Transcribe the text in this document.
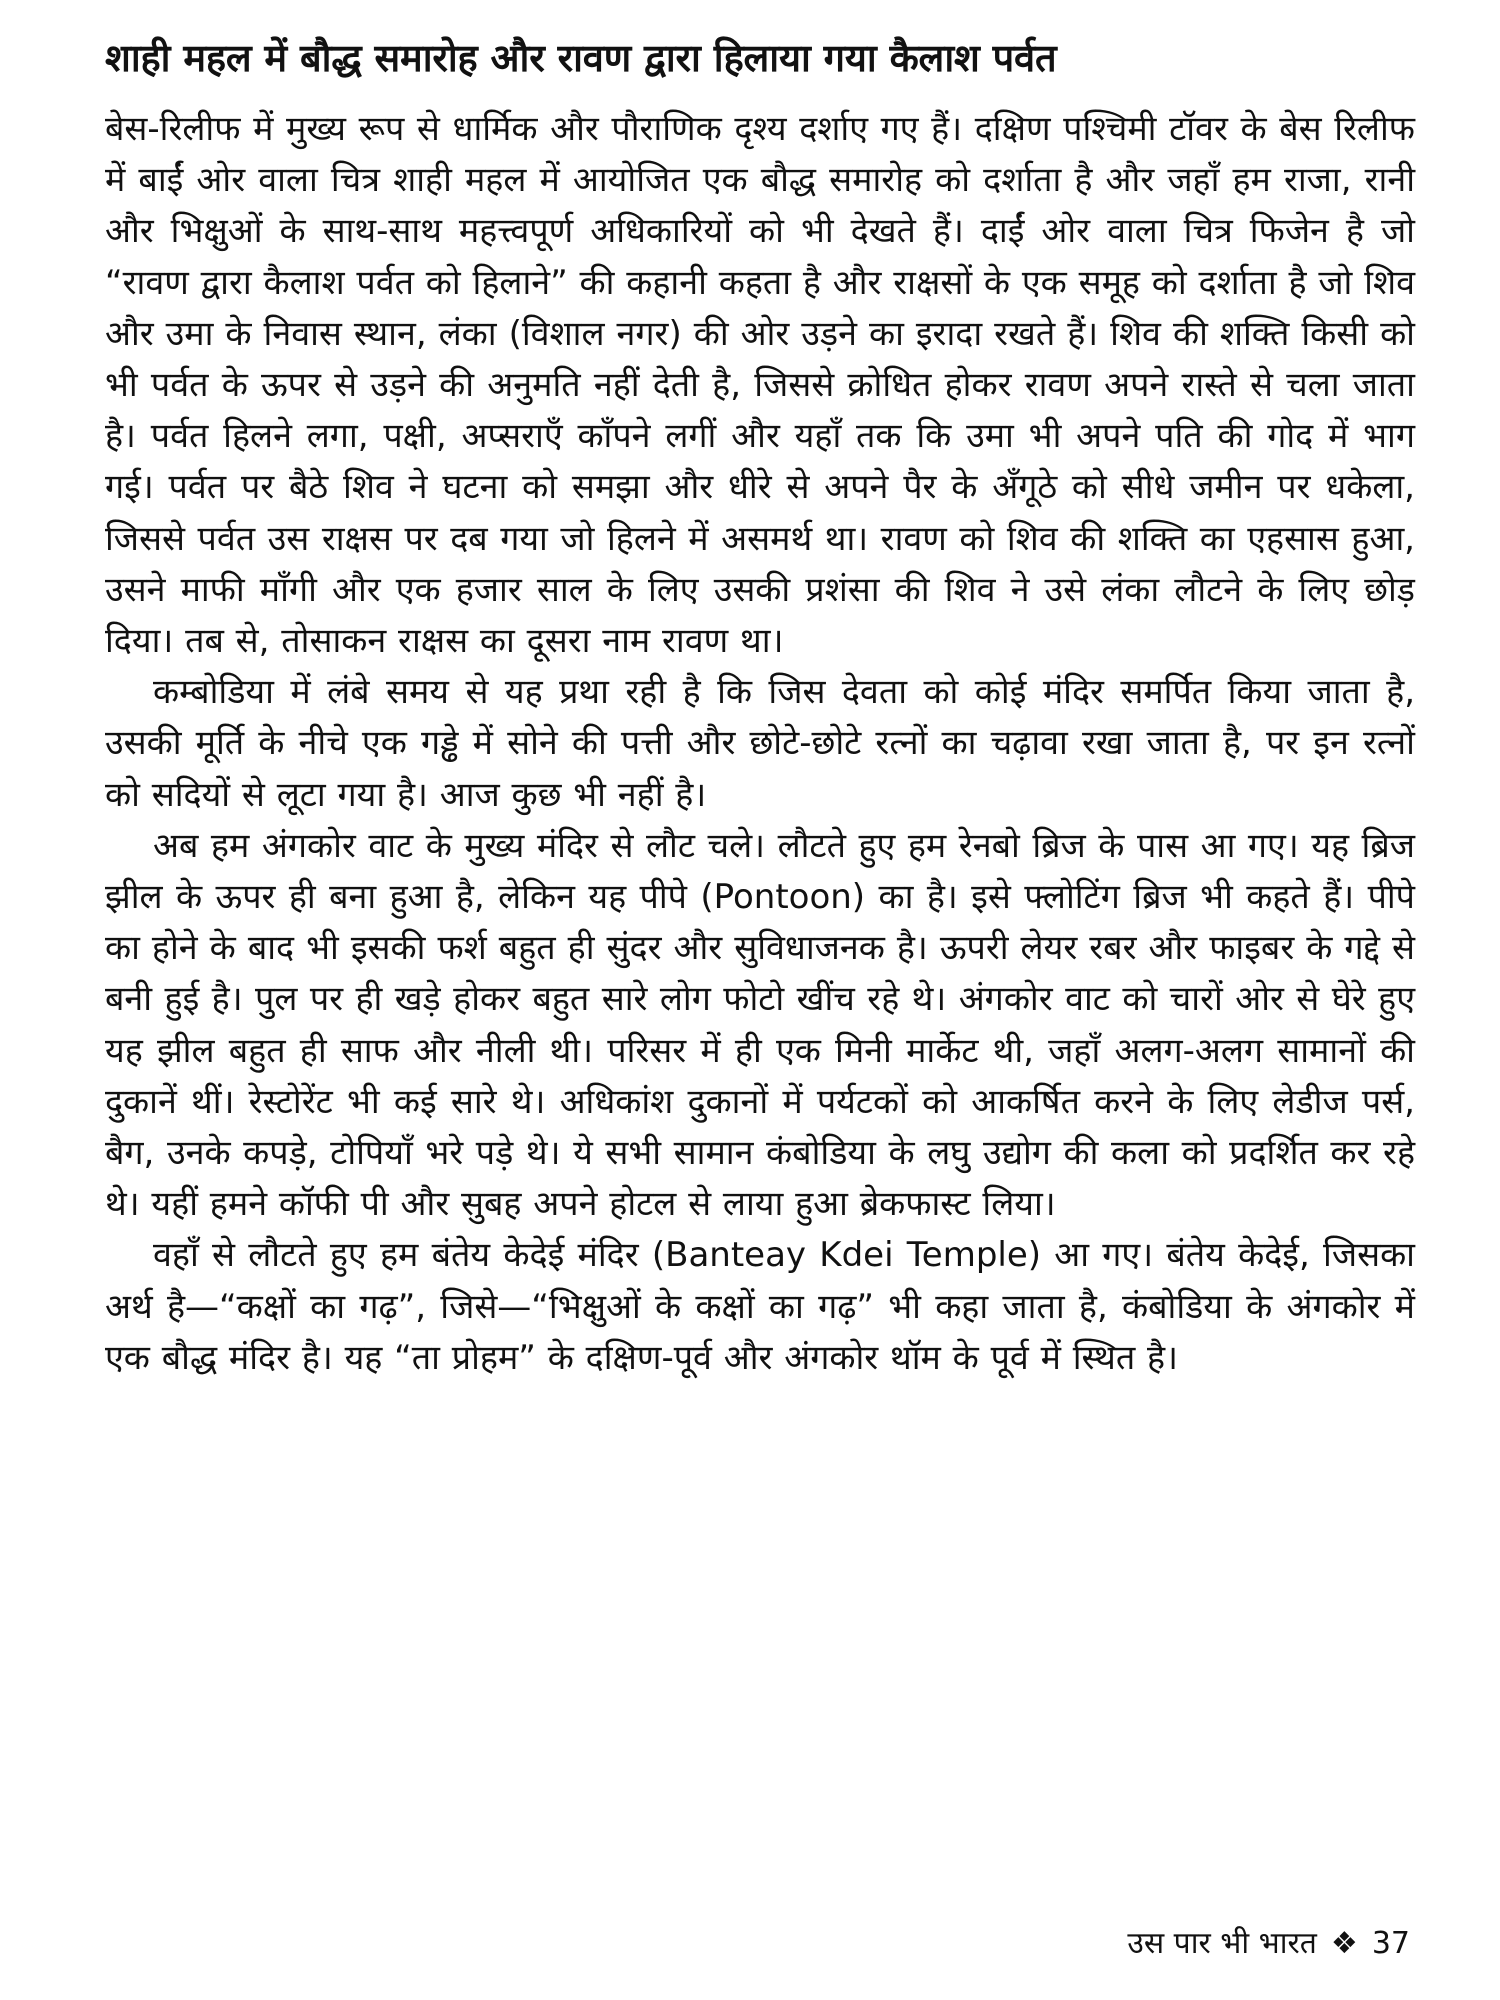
शाही महल में बौद्ध समारोह और रावण द्वारा हिलाया गया कैलाश पर्वत

बेस-रिलीफ में मुख्य रूप से धार्मिक और पौराणिक दृश्य दर्शाए गए हैं। दक्षिण पश्चिमी टॉवर के बेस रिलीफ में बाईं ओर वाला चित्र शाही महल में आयोजित एक बौद्ध समारोह को दर्शाता है और जहाँ हम राजा, रानी और भिक्षुओं के साथ-साथ महत्त्वपूर्ण अधिकारियों को भी देखते हैं। दाईं ओर वाला चित्र फिजेन है जो “रावण द्वारा कैलाश पर्वत को हिलाने” की कहानी कहता है और राक्षसों के एक समूह को दर्शाता है जो शिव और उमा के निवास स्थान, लंका (विशाल नगर) की ओर उड़ने का इरादा रखते हैं। शिव की शक्ति किसी को भी पर्वत के ऊपर से उड़ने की अनुमति नहीं देती है, जिससे क्रोधित होकर रावण अपने रास्ते से चला जाता है। पर्वत हिलने लगा, पक्षी, अप्सराएँ काँपने लगीं और यहाँ तक कि उमा भी अपने पति की गोद में भाग गई। पर्वत पर बैठे शिव ने घटना को समझा और धीरे से अपने पैर के अँगूठे को सीधे जमीन पर धकेला, जिससे पर्वत उस राक्षस पर दब गया जो हिलने में असमर्थ था। रावण को शिव की शक्ति का एहसास हुआ, उसने माफी माँगी और एक हजार साल के लिए उसकी प्रशंसा की शिव ने उसे लंका लौटने के लिए छोड़ दिया। तब से, तोसाकन राक्षस का दूसरा नाम रावण था।

कम्बोडिया में लंबे समय से यह प्रथा रही है कि जिस देवता को कोई मंदिर समर्पित किया जाता है, उसकी मूर्ति के नीचे एक गड्ढे में सोने की पत्ती और छोटे-छोटे रत्नों का चढ़ावा रखा जाता है, पर इन रत्नों को सदियों से लूटा गया है। आज कुछ भी नहीं है।

अब हम अंगकोर वाट के मुख्य मंदिर से लौट चले। लौटते हुए हम रेनबो ब्रिज के पास आ गए। यह ब्रिज झील के ऊपर ही बना हुआ है, लेकिन यह पीपे (Pontoon) का है। इसे फ्लोटिंग ब्रिज भी कहते हैं। पीपे का होने के बाद भी इसकी फर्श बहुत ही सुंदर और सुविधाजनक है। ऊपरी लेयर रबर और फाइबर के गद्दे से बनी हुई है। पुल पर ही खड़े होकर बहुत सारे लोग फोटो खींच रहे थे। अंगकोर वाट को चारों ओर से घेरे हुए यह झील बहुत ही साफ और नीली थी। परिसर में ही एक मिनी मार्केट थी, जहाँ अलग-अलग सामानों की दुकानें थीं। रेस्टोरेंट भी कई सारे थे। अधिकांश दुकानों में पर्यटकों को आकर्षित करने के लिए लेडीज पर्स, बैग, उनके कपड़े, टोपियाँ भरे पड़े थे। ये सभी सामान कंबोडिया के लघु उद्योग की कला को प्रदर्शित कर रहे थे। यहीं हमने कॉफी पी और सुबह अपने होटल से लाया हुआ ब्रेकफास्ट लिया।

वहाँ से लौटते हुए हम बंतेय केदेई मंदिर (Banteay Kdei Temple) आ गए। बंतेय केदेई, जिसका अर्थ है—“कक्षों का गढ़”, जिसे—“भिक्षुओं के कक्षों का गढ़” भी कहा जाता है, कंबोडिया के अंगकोर में एक बौद्ध मंदिर है। यह “ता प्रोहम” के दक्षिण-पूर्व और अंगकोर थॉम के पूर्व में स्थित है।

उस पार भी भारत ❖ 37
